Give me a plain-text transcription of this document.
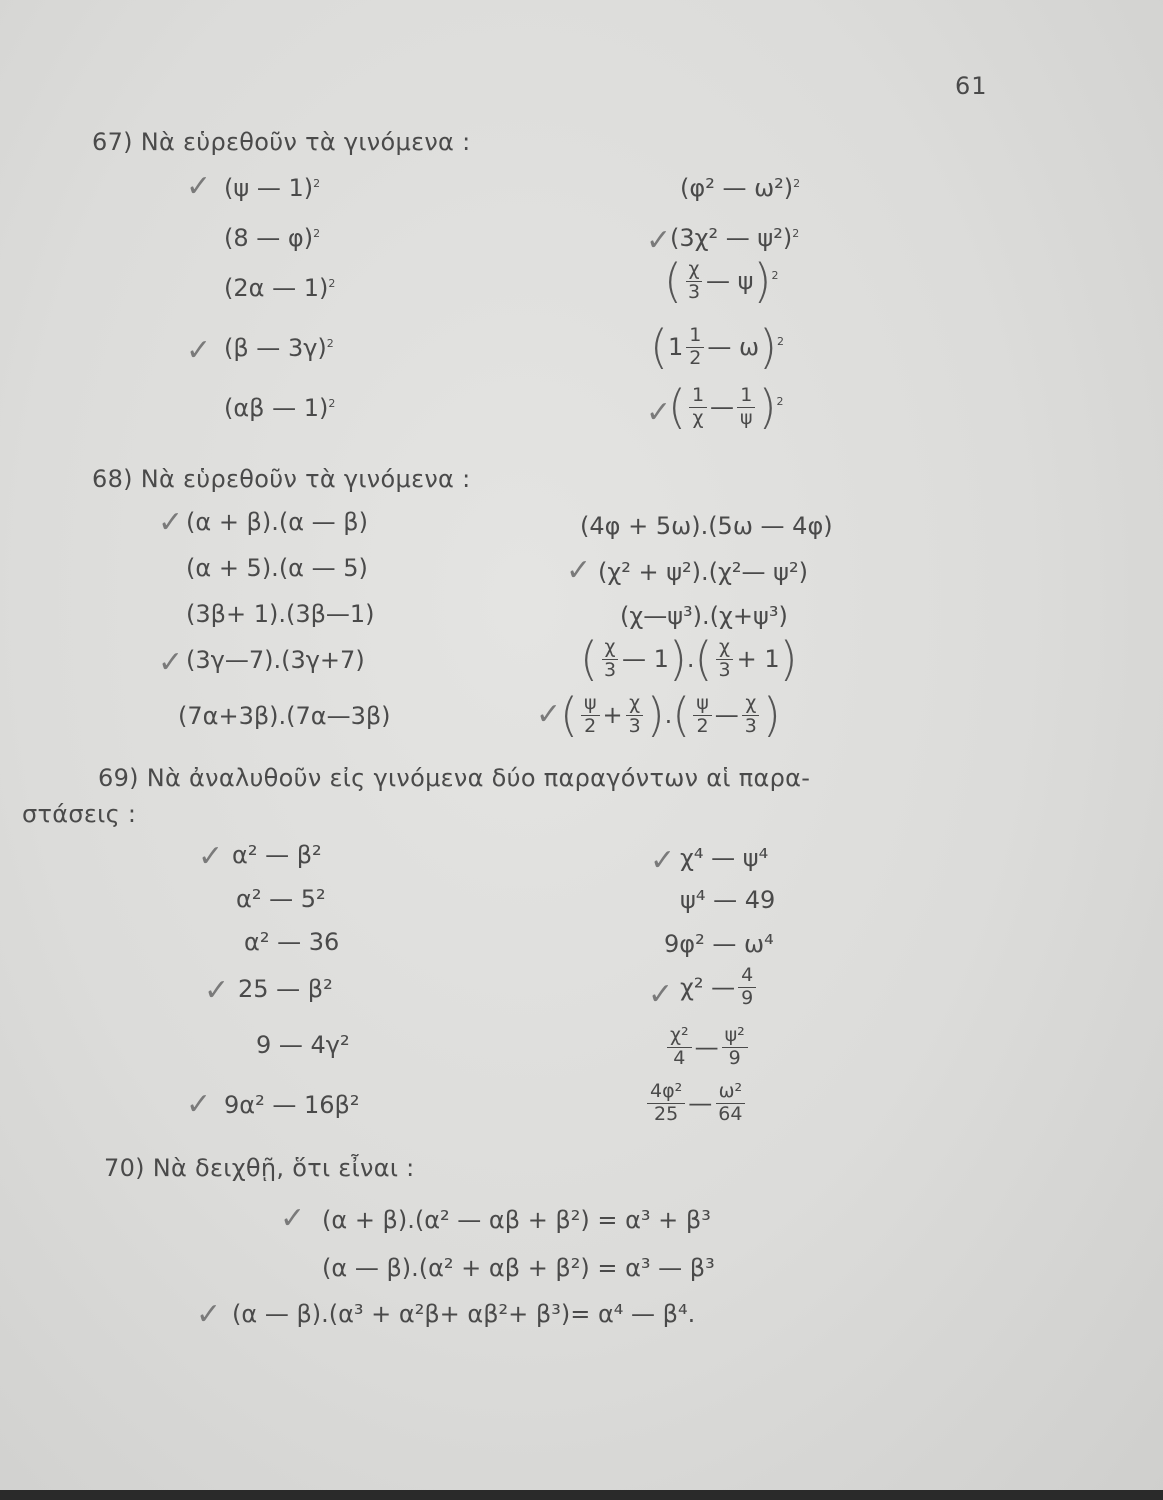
61
67) Νὰ εὑρεθοῦν τὰ γινόμενα :
✓ (ψ — 1)$^2$
(8 — φ)$^2$
(2α — 1)$^2$
✓ (β — 3γ)$^2$
(αβ — 1)$^2$
(φ² — ω²)$^2$
✓
(3χ² — ψ²)$^2$
( $\frac{\chi}{3}$ — ψ)$^2$
($1 \frac{1}{2}$ — ω)$^2$
✓
( $\frac{1}{\chi}$ — $\frac{1}{\psi} )^2$
68) Νὰ εὑρεθοῦν τὰ γινόμενα :
✓ (α + β).(α — β)
(α + 5).(α — 5)
(3β+ 1).(3β—1)
✓ (3γ—7).(3γ+7)
(7α+3β).(7α—3β)
(4φ + 5ω).(5ω — 4φ)
✓ (χ² + ψ²).(χ²— ψ²)
(χ—ψ³).(χ+ψ³)
( $\frac{\chi}{3}$ — $1).( \frac{\chi}{3} + 1)$
✓
( $\frac{\psi}{2} + \frac{\chi}{3}$ ).( $\frac{\psi}{2}$ — $\frac{\chi}{3}$ )
69) Νὰ ἀναλυθοῦν εἰς γινόμενα δύο παραγόντων αἱ παρα-
στάσεις :
✓ α² — β²
α² — 5²
α² — 36
✓ 25 — β²
9 — 4γ²
✓ 9α² — 16β²
✓ χ⁴ — ψ⁴
ψ⁴ — 49
9φ² — ω⁴
✓ χ² — $\frac{4}{9}$
$\frac{\text{χ²}}{4}$ — $\frac{\text{ψ²}}{9}$
$\frac{\text{4φ²}}{25}$ — $\frac{\text{ω²}}{64}$
70) Νὰ δειχθῇ, ὅτι εἶναι :
✓ (α + β).(α² — αβ + β²) = α³ + β³
(α — β).(α² + αβ + β²) = α³ — β³
✓ (α — β).(α³ + α²β+ αβ²+ β³)= α⁴ — β⁴.
